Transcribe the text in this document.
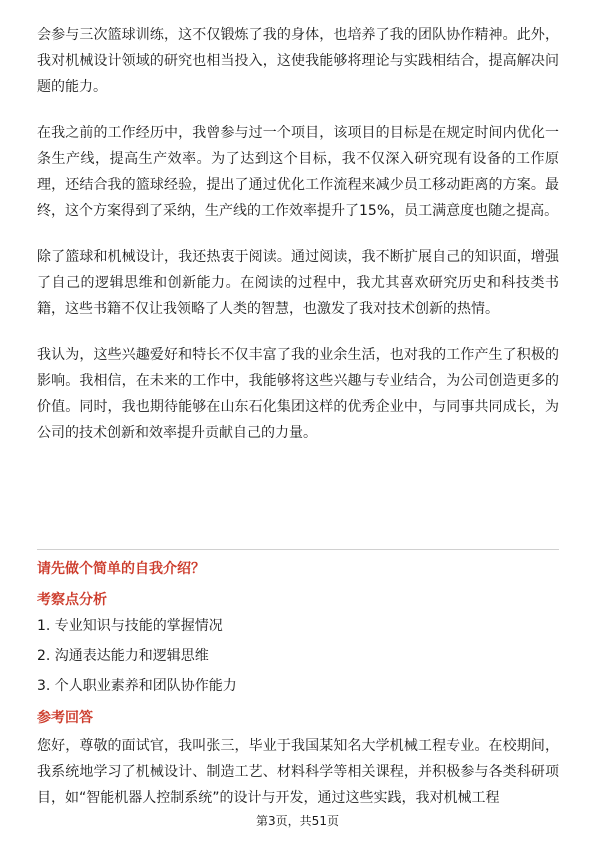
会参与三次篮球训练，这不仅锻炼了我的身体，也培养了我的团队协作精神。此外，我对机械设计领域的研究也相当投入，这使我能够将理论与实践相结合，提高解决问题的能力。

在我之前的工作经历中，我曾参与过一个项目，该项目的目标是在规定时间内优化一条生产线，提高生产效率。为了达到这个目标，我不仅深入研究现有设备的工作原理，还结合我的篮球经验，提出了通过优化工作流程来减少员工移动距离的方案。最终，这个方案得到了采纳，生产线的工作效率提升了15%，员工满意度也随之提高。

除了篮球和机械设计，我还热衷于阅读。通过阅读，我不断扩展自己的知识面，增强了自己的逻辑思维和创新能力。在阅读的过程中，我尤其喜欢研究历史和科技类书籍，这些书籍不仅让我领略了人类的智慧，也激发了我对技术创新的热情。

我认为，这些兴趣爱好和特长不仅丰富了我的业余生活，也对我的工作产生了积极的影响。我相信，在未来的工作中，我能够将这些兴趣与专业结合，为公司创造更多的价值。同时，我也期待能够在山东石化集团这样的优秀企业中，与同事共同成长，为公司的技术创新和效率提升贡献自己的力量。

请先做个简单的自我介绍？
考察点分析
1. 专业知识与技能的掌握情况
2. 沟通表达能力和逻辑思维
3. 个人职业素养和团队协作能力
参考回答

您好，尊敬的面试官，我叫张三，毕业于我国某知名大学机械工程专业。在校期间，我系统地学习了机械设计、制造工艺、材料科学等相关课程，并积极参与各类科研项目，如“智能机器人控制系统”的设计与开发，通过这些实践，我对机械工程

第3页，共51页
